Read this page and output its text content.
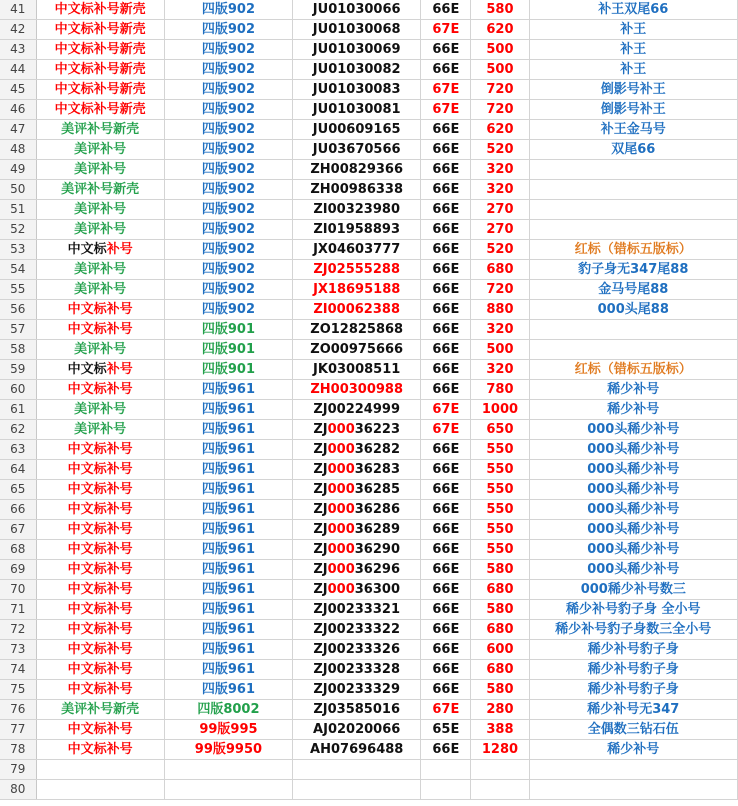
41	中文标补号新壳	四版902	JU01030066	66E	580	补王双尾66
42	中文标补号新壳	四版902	JU01030068	67E	620	补王
43	中文标补号新壳	四版902	JU01030069	66E	500	补王
44	中文标补号新壳	四版902	JU01030082	66E	500	补王
45	中文标补号新壳	四版902	JU01030083	67E	720	倒影号补王
46	中文标补号新壳	四版902	JU01030081	67E	720	倒影号补王
47	美评补号新壳	四版902	JU00609165	66E	620	补王金马号
48	美评补号	四版902	JU03670566	66E	520	双尾66
49	美评补号	四版902	ZH00829366	66E	320	
50	美评补号新壳	四版902	ZH00986338	66E	320	
51	美评补号	四版902	ZI00323980	66E	270	
52	美评补号	四版902	ZI01958893	66E	270	
53	中文标补号	四版902	JX04603777	66E	520	红标（错标五版标）
54	美评补号	四版902	ZJ02555288	66E	680	豹子身无347尾88
55	美评补号	四版902	JX18695188	66E	720	金马号尾88
56	中文标补号	四版902	ZI00062388	66E	880	000头尾88
57	中文标补号	四版901	ZO12825868	66E	320	
58	美评补号	四版901	ZO00975666	66E	500	
59	中文标补号	四版901	JK03008511	66E	320	红标（错标五版标）
60	中文标补号	四版961	ZH00300988	66E	780	稀少补号
61	美评补号	四版961	ZJ00224999	67E	1000	稀少补号
62	美评补号	四版961	ZJ00036223	67E	650	000头稀少补号
63	中文标补号	四版961	ZJ00036282	66E	550	000头稀少补号
64	中文标补号	四版961	ZJ00036283	66E	550	000头稀少补号
65	中文标补号	四版961	ZJ00036285	66E	550	000头稀少补号
66	中文标补号	四版961	ZJ00036286	66E	550	000头稀少补号
67	中文标补号	四版961	ZJ00036289	66E	550	000头稀少补号
68	中文标补号	四版961	ZJ00036290	66E	550	000头稀少补号
69	中文标补号	四版961	ZJ00036296	66E	580	000头稀少补号
70	中文标补号	四版961	ZJ00036300	66E	680	000稀少补号数三
71	中文标补号	四版961	ZJ00233321	66E	580	稀少补号豹子身 全小号
72	中文标补号	四版961	ZJ00233322	66E	680	稀少补号豹子身数三全小号
73	中文标补号	四版961	ZJ00233326	66E	600	稀少补号豹子身
74	中文标补号	四版961	ZJ00233328	66E	680	稀少补号豹子身
75	中文标补号	四版961	ZJ00233329	66E	580	稀少补号豹子身
76	美评补号新壳	四版8002	ZJ03585016	67E	280	稀少补号无347
77	中文标补号	99版995	AJ02020066	65E	388	全偶数三钻石伍
78	中文标补号	99版9950	AH07696488	66E	1280	稀少补号
79						
80						
